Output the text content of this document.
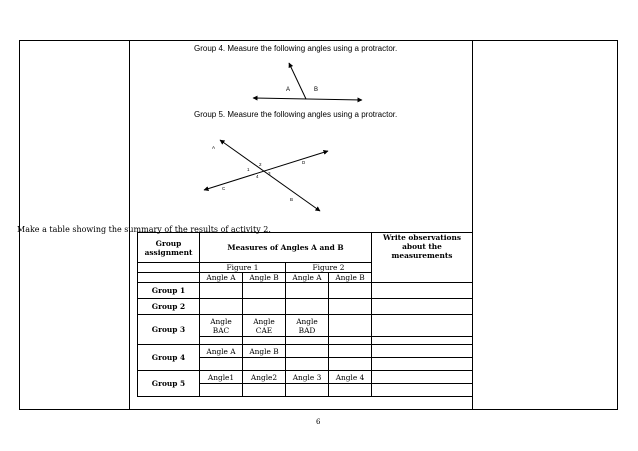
Group 4. Measure the following angles using a protractor.
A	B
Group 5. Measure the following angles using a protractor.
A
D
C
B
1
2
3
4
Make a table showing the summary of the results of activity 2.
Group assignment	Measures of Angles A and B				Write observations about the measurements
	Figure 1		Figure 2		
	Angle A	Angle B	Angle A	Angle B	
Group 1					
Group 2					
Group 3	Angle BAC	Angle CAE	Angle BAD		

Group 4	Angle A	Angle B			

Group 5	Angle1	Angle2	Angle 3	Angle 4	

6
